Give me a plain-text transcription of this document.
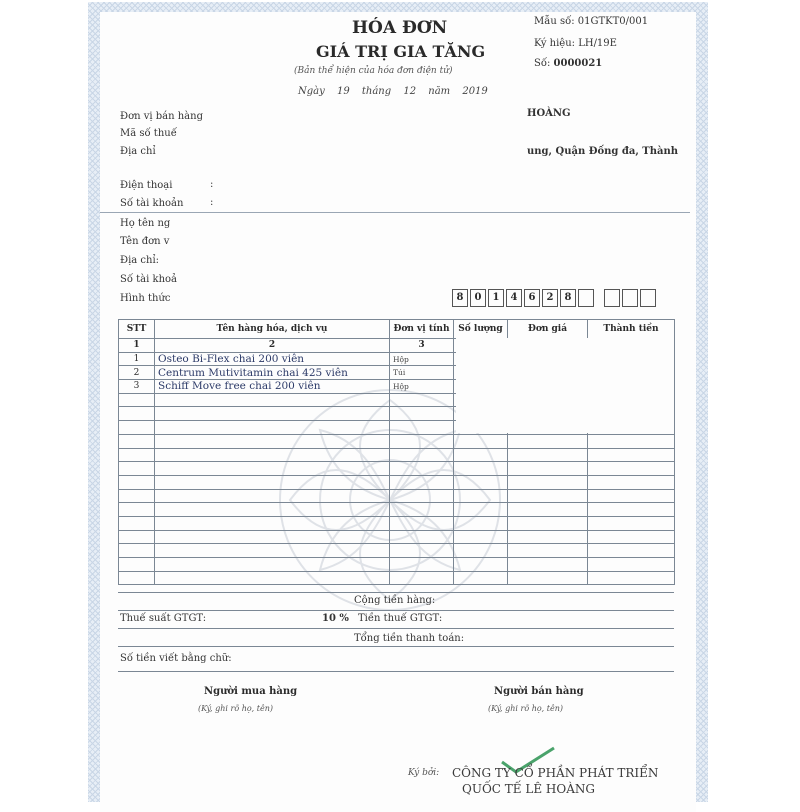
HÓA ĐƠN
GIÁ TRỊ GIA TĂNG
(Bản thể hiện của hóa đơn điện tử)
Ngày 19 tháng 12 năm 2019
Mẫu số: 01GTKT0/001
Ký hiệu: LH/19E
Số: 0000021
Đơn vị bán hàng	HOÀNG
Mã số thuế
Địa chỉ	ung, Quận Đống đa, Thành
Điện thoại	:
Số tài khoản	:
Họ tên ng
Tên đơn v
Địa chỉ:
Số tài khoả
Hình thức	8	0	1	4	6	2	8
STT	Tên hàng hóa, dịch vụ	Đơn vị tính	Số lượng	Đơn giá	Thành tiền
1	2	3			
1	Osteo Bi-Flex chai 200 viên	Hộp			
2	Centrum Mutivitamin chai 425 viên	Túi			
3	Schiff Move free chai 200 viên	Hộp			

Cộng tiền hàng:
Thuế suất GTGT:	10 % Tiền thuế GTGT:
Tổng tiền thanh toán:
Số tiền viết bằng chữ:
Người mua hàng
(Ký, ghi rõ họ, tên)
Người bán hàng
(Ký, ghi rõ họ, tên)
Ký bởi: CÔNG TY CỔ PHẦN PHÁT TRIỂN
QUỐC TẾ LÊ HOÀNG
